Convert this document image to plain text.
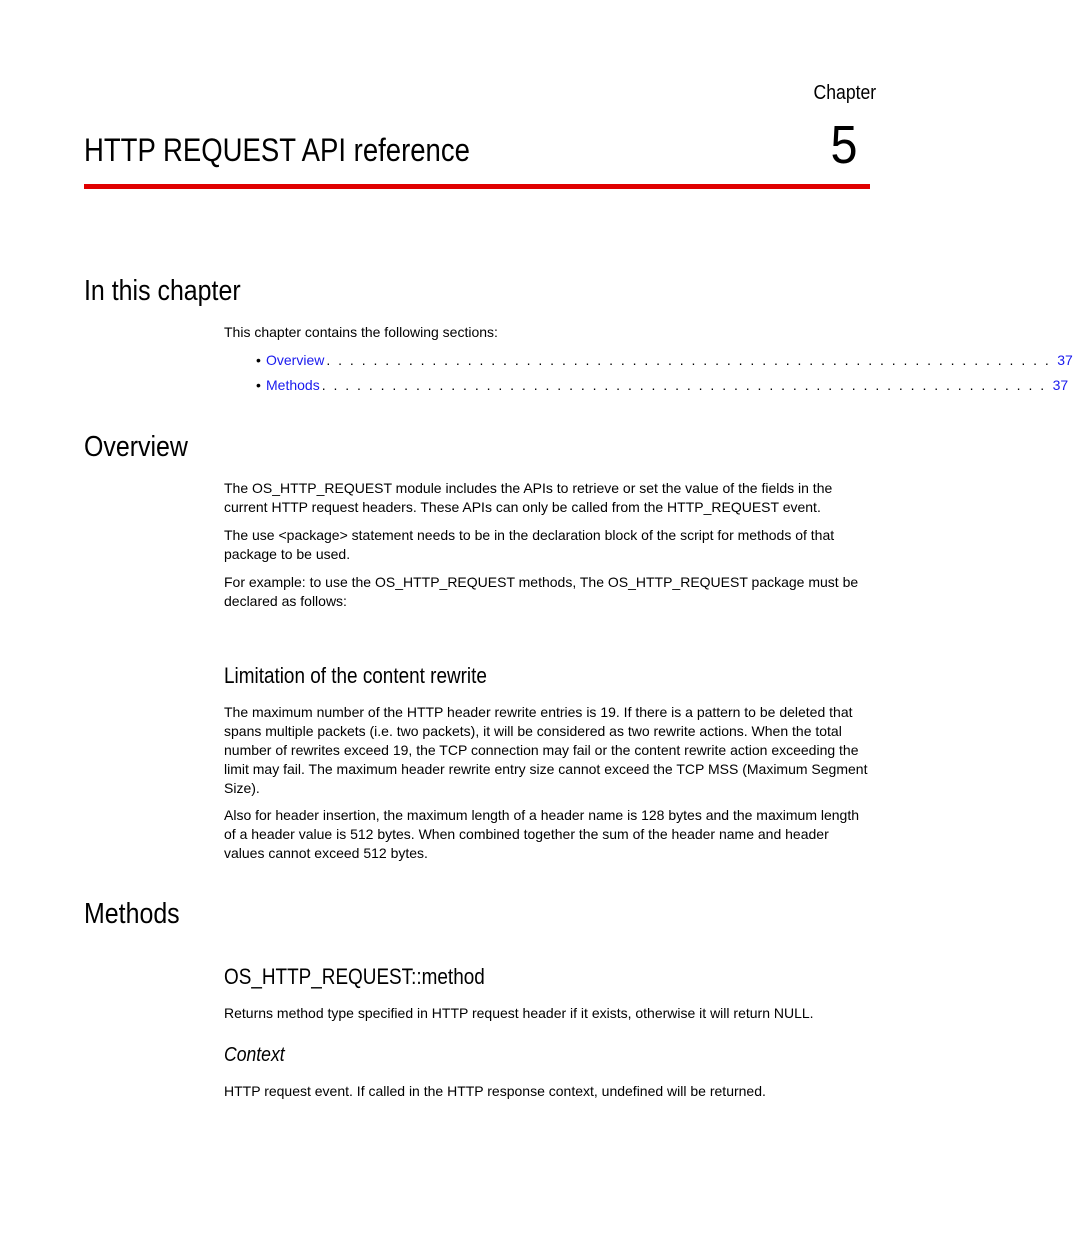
Chapter
5
HTTP REQUEST API reference
In this chapter

This chapter contains the following sections:

• Overview . . . . . . . . . . . . . . . . . . . . . . . . . . . . . . . . . . . . . . . . . . . . . . . . . . . . . . . . . . . . . . 37
• Methods . . . . . . . . . . . . . . . . . . . . . . . . . . . . . . . . . . . . . . . . . . . . . . . . . . . . . . . . . . . . . . 37
Overview

The OS_HTTP_REQUEST module includes the APIs to retrieve or set the value of the fields in the current HTTP request headers. These APIs can only be called from the HTTP_REQUEST event.

The use <package> statement needs to be in the declaration block of the script for methods of that package to be used.

For example: to use the OS_HTTP_REQUEST methods, The OS_HTTP_REQUEST package must be declared as follows:

Limitation of the content rewrite

The maximum number of the HTTP header rewrite entries is 19. If there is a pattern to be deleted that spans multiple packets (i.e. two packets), it will be considered as two rewrite actions. When the total number of rewrites exceed 19, the TCP connection may fail or the content rewrite action exceeding the limit may fail. The maximum header rewrite entry size cannot exceed the TCP MSS (Maximum Segment Size).

Also for header insertion, the maximum length of a header name is 128 bytes and the maximum length of a header value is 512 bytes. When combined together the sum of the header name and header values cannot exceed 512 bytes.

Methods
OS_HTTP_REQUEST::method

Returns method type specified in HTTP request header if it exists, otherwise it will return NULL.

Context

HTTP request event. If called in the HTTP response context, undefined will be returned.
